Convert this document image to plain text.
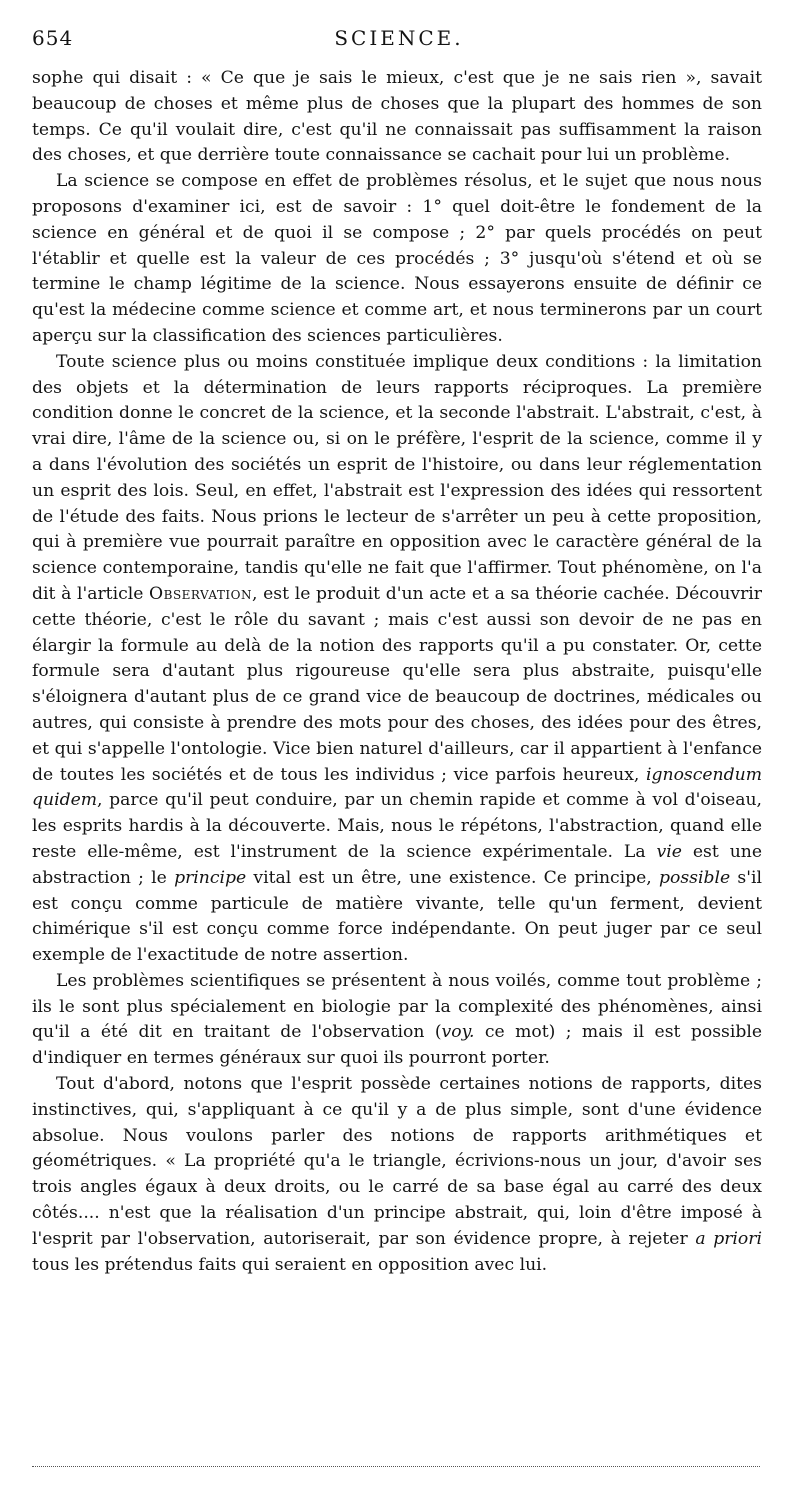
654	SCIENCE.

sophe qui disait : « Ce que je sais le mieux, c'est que je ne sais rien », savait beaucoup de choses et même plus de choses que la plupart des hommes de son temps. Ce qu'il voulait dire, c'est qu'il ne connaissait pas suffisamment la raison des choses, et que derrière toute connaissance se cachait pour lui un problème.

La science se compose en effet de problèmes résolus, et le sujet que nous nous proposons d'examiner ici, est de savoir : 1° quel doit-être le fondement de la science en général et de quoi il se compose ; 2° par quels procédés on peut l'établir et quelle est la valeur de ces procédés ; 3° jusqu'où s'étend et où se termine le champ légitime de la science. Nous essayerons ensuite de définir ce qu'est la médecine comme science et comme art, et nous terminerons par un court aperçu sur la classification des sciences particulières.

Toute science plus ou moins constituée implique deux conditions : la limitation des objets et la détermination de leurs rapports réciproques. La première condition donne le concret de la science, et la seconde l'abstrait. L'abstrait, c'est, à vrai dire, l'âme de la science ou, si on le préfère, l'esprit de la science, comme il y a dans l'évolution des sociétés un esprit de l'histoire, ou dans leur réglementation un esprit des lois. Seul, en effet, l'abstrait est l'expression des idées qui ressortent de l'étude des faits. Nous prions le lecteur de s'arrêter un peu à cette proposition, qui à première vue pourrait paraître en opposition avec le caractère général de la science contemporaine, tandis qu'elle ne fait que l'affirmer. Tout phénomène, on l'a dit à l'article Observation, est le produit d'un acte et a sa théorie cachée. Découvrir cette théorie, c'est le rôle du savant ; mais c'est aussi son devoir de ne pas en élargir la formule au delà de la notion des rapports qu'il a pu constater. Or, cette formule sera d'autant plus rigoureuse qu'elle sera plus abstraite, puisqu'elle s'éloignera d'autant plus de ce grand vice de beaucoup de doctrines, médicales ou autres, qui consiste à prendre des mots pour des choses, des idées pour des êtres, et qui s'appelle l'ontologie. Vice bien naturel d'ailleurs, car il appartient à l'enfance de toutes les sociétés et de tous les individus ; vice parfois heureux, ignoscendum quidem, parce qu'il peut conduire, par un chemin rapide et comme à vol d'oiseau, les esprits hardis à la découverte. Mais, nous le répétons, l'abstraction, quand elle reste elle-même, est l'instrument de la science expérimentale. La vie est une abstraction ; le principe vital est un être, une existence. Ce principe, possible s'il est conçu comme particule de matière vivante, telle qu'un ferment, devient chimérique s'il est conçu comme force indépendante. On peut juger par ce seul exemple de l'exactitude de notre assertion.

Les problèmes scientifiques se présentent à nous voilés, comme tout problème ; ils le sont plus spécialement en biologie par la complexité des phénomènes, ainsi qu'il a été dit en traitant de l'observation (voy. ce mot) ; mais il est possible d'indiquer en termes généraux sur quoi ils pourront porter.

Tout d'abord, notons que l'esprit possède certaines notions de rapports, dites instinctives, qui, s'appliquant à ce qu'il y a de plus simple, sont d'une évidence absolue. Nous voulons parler des notions de rapports arithmétiques et géométriques. « La propriété qu'a le triangle, écrivions-nous un jour, d'avoir ses trois angles égaux à deux droits, ou le carré de sa base égal au carré des deux côtés.... n'est que la réalisation d'un principe abstrait, qui, loin d'être imposé à l'esprit par l'observation, autoriserait, par son évidence propre, à rejeter a priori tous les prétendus faits qui seraient en opposition avec lui.
